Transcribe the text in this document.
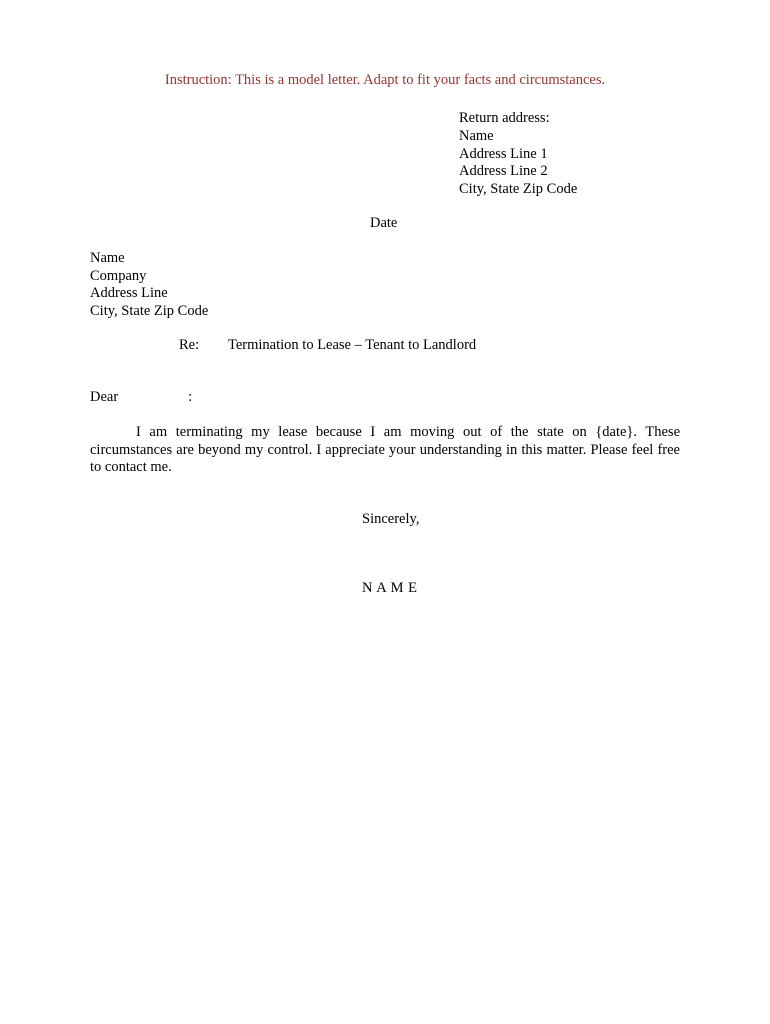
Instruction: This is a model letter. Adapt to fit your facts and circumstances.
Return address:
Name
Address Line 1
Address Line 2
City, State Zip Code
Date
Name
Company
Address Line
City, State Zip Code
Re: Termination to Lease – Tenant to Landlord
Dear	:
I am terminating my lease because I am moving out of the state on {date}. These circumstances are beyond my control. I appreciate your understanding in this matter. Please feel free to contact me.
Sincerely,
N A M E
